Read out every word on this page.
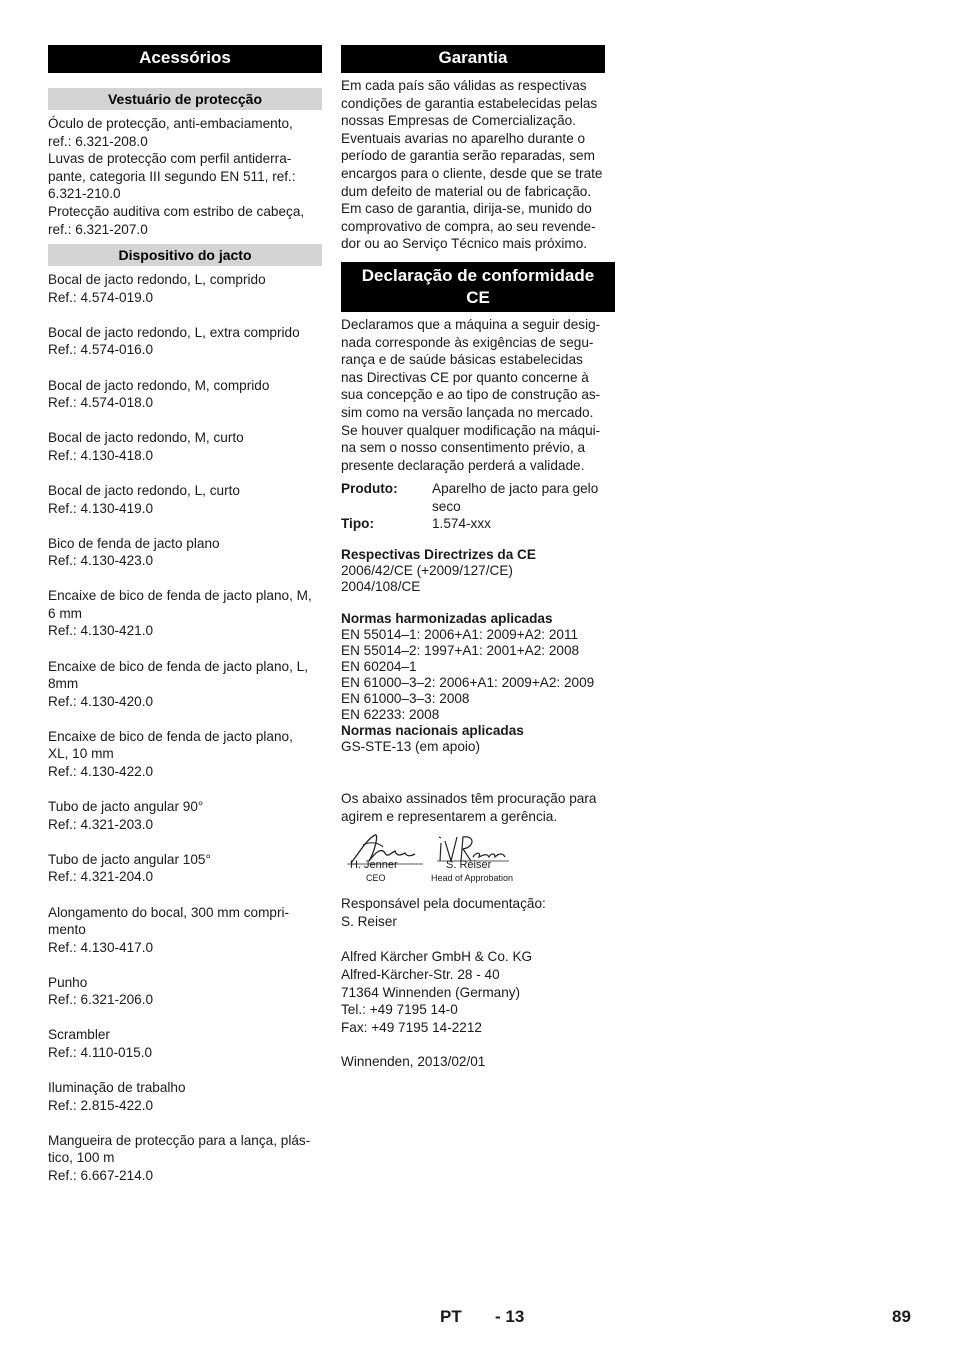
Acessórios
Vestuário de protecção

Óculo de protecção, anti-embaciamento,
ref.: 6.321-208.0
Luvas de protecção com perfil antiderra-
pante, categoria III segundo EN 511, ref.:
6.321-210.0
Protecção auditiva com estribo de cabeça,
ref.: 6.321-207.0

Dispositivo do jacto

Bocal de jacto redondo, L, comprido
Ref.: 4.574-019.0

Bocal de jacto redondo, L, extra comprido
Ref.: 4.574-016.0

Bocal de jacto redondo, M, comprido
Ref.: 4.574-018.0

Bocal de jacto redondo, M, curto
Ref.: 4.130-418.0

Bocal de jacto redondo, L, curto
Ref.: 4.130-419.0

Bico de fenda de jacto plano
Ref.: 4.130-423.0

Encaixe de bico de fenda de jacto plano, M,
6 mm
Ref.: 4.130-421.0

Encaixe de bico de fenda de jacto plano, L,
8mm
Ref.: 4.130-420.0

Encaixe de bico de fenda de jacto plano,
XL, 10 mm
Ref.: 4.130-422.0

Tubo de jacto angular 90°
Ref.: 4.321-203.0

Tubo de jacto angular 105°
Ref.: 4.321-204.0

Alongamento do bocal, 300 mm compri-
mento
Ref.: 4.130-417.0

Punho
Ref.: 6.321-206.0

Scrambler
Ref.: 4.110-015.0

Iluminação de trabalho
Ref.: 2.815-422.0

Mangueira de protecção para a lança, plás-
tico, 100 m
Ref.: 6.667-214.0

Garantia

Em cada país são válidas as respectivas
condições de garantia estabelecidas pelas
nossas Empresas de Comercialização.
Eventuais avarias no aparelho durante o
período de garantia serão reparadas, sem
encargos para o cliente, desde que se trate
dum defeito de material ou de fabricação.
Em caso de garantia, dirija-se, munido do
comprovativo de compra, ao seu revende-
dor ou ao Serviço Técnico mais próximo.

Declaração de conformidade
CE

Declaramos que a máquina a seguir desig-
nada corresponde às exigências de segu-
rança e de saúde básicas estabelecidas
nas Directivas CE por quanto concerne à
sua concepção e ao tipo de construção as-
sim como na versão lançada no mercado.
Se houver qualquer modificação na máqui-
na sem o nosso consentimento prévio, a
presente declaração perderá a validade.

Produto:	Aparelho de jacto para gelo
seco
Tipo:	1.574-xxx
Respectivas Directrizes da CE
2006/42/CE (+2009/127/CE)
2004/108/CE
Normas harmonizadas aplicadas
EN 55014–1: 2006+A1: 2009+A2: 2011
EN 55014–2: 1997+A1: 2001+A2: 2008
EN 60204–1
EN 61000–3–2: 2006+A1: 2009+A2: 2009
EN 61000–3–3: 2008
EN 62233: 2008
Normas nacionais aplicadas
GS-STE-13 (em apoio)

Os abaixo assinados têm procuração para
agirem e representarem a gerência.

H. Jenner
CEO
S. Reiser
Head of Approbation

Responsável pela documentação:
S. Reiser

Alfred Kärcher GmbH & Co. KG
Alfred-Kärcher-Str. 28 - 40
71364 Winnenden (Germany)
Tel.: +49 7195 14-0
Fax: +49 7195 14-2212

Winnenden, 2013/02/01

PT - 13	89
